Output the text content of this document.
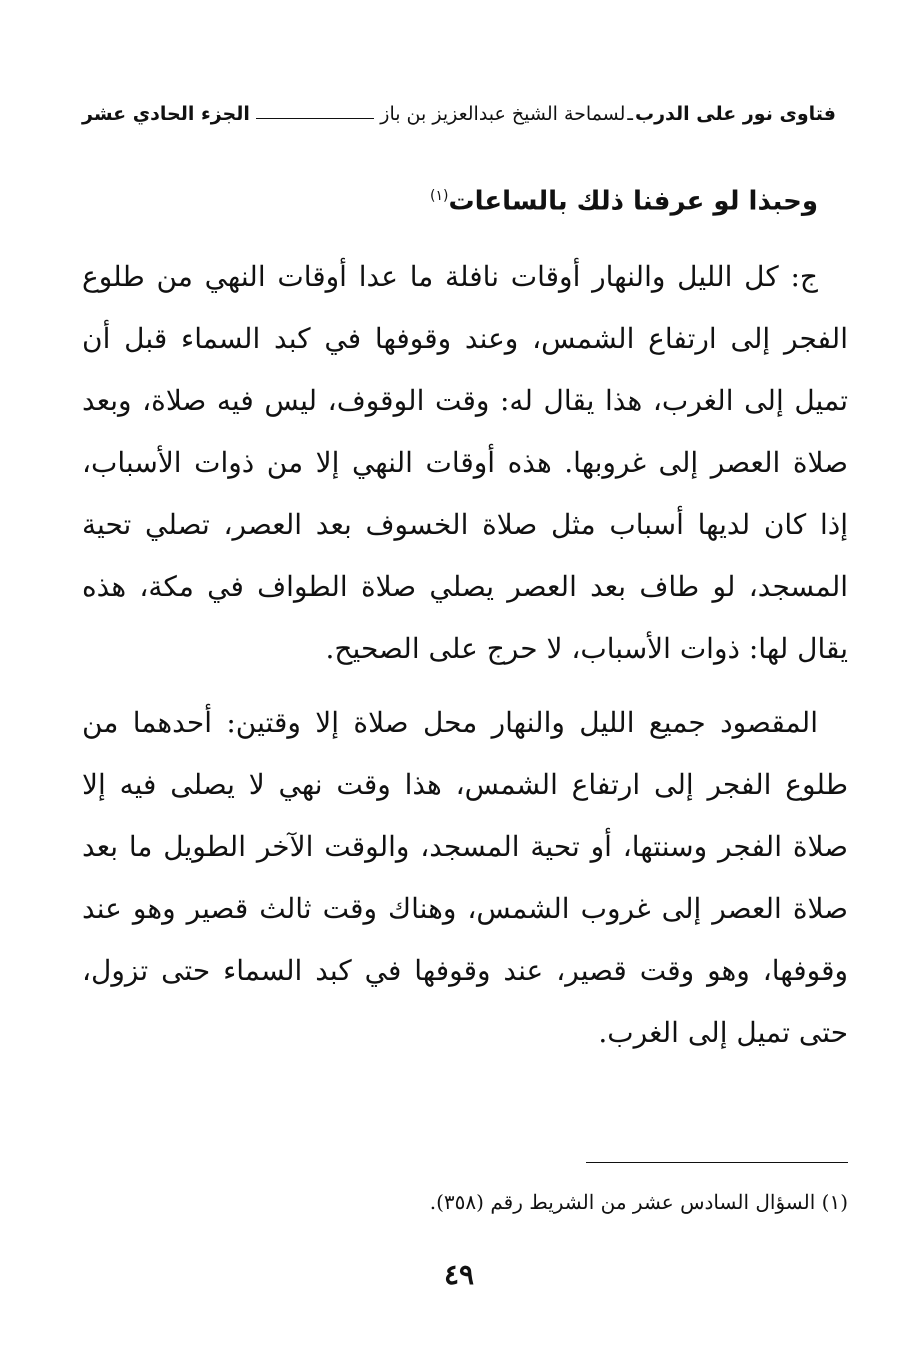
فتاوى نور على الدرب
ـ
لسماحة الشيخ عبدالعزيز بن باز
الجزء الحادي عشر

وحبذا لو عرفنا ذلك بالساعات$^{(١)}$

ج: كل الليل والنهار أوقات نافلة ما عدا أوقات النهي من طلوع الفجر إلى ارتفاع الشمس، وعند وقوفها في كبد السماء قبل أن تميل إلى الغرب، هذا يقال له: وقت الوقوف، ليس فيه صلاة، وبعد صلاة العصر إلى غروبها. هذه أوقات النهي إلا من ذوات الأسباب، إذا كان لديها أسباب مثل صلاة الخسوف بعد العصر، تصلي تحية المسجد، لو طاف بعد العصر يصلي صلاة الطواف في مكة، هذه يقال لها: ذوات الأسباب، لا حرج على الصحيح.

المقصود جميع الليل والنهار محل صلاة إلا وقتين: أحدهما من طلوع الفجر إلى ارتفاع الشمس، هذا وقت نهي لا يصلى فيه إلا صلاة الفجر وسنتها، أو تحية المسجد، والوقت الآخر الطويل ما بعد صلاة العصر إلى غروب الشمس، وهناك وقت ثالث قصير وهو عند وقوفها، وهو وقت قصير، عند وقوفها في كبد السماء حتى تزول، حتى تميل إلى الغرب.

(١) السؤال السادس عشر من الشريط رقم (٣٥٨).
٤٩
